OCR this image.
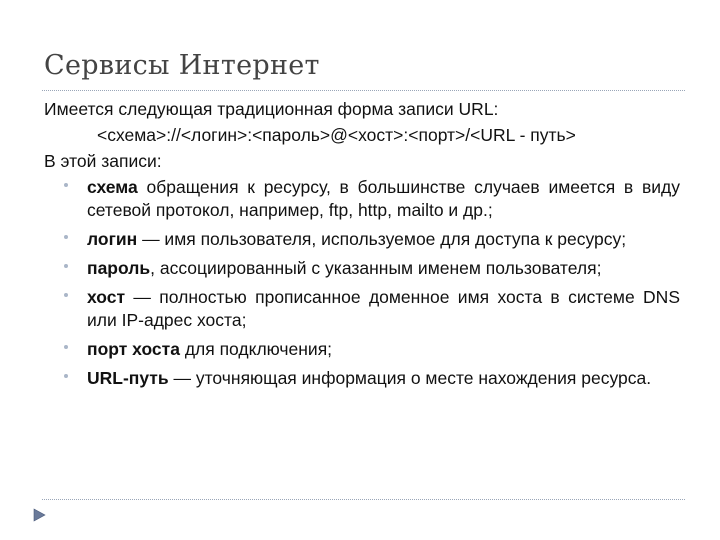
Сервисы Интернет
Имеется следующая традиционная форма записи URL:
<схема>://<логин>:<пароль>@<хост>:<порт>/<URL - путь>
В этой записи:
схема обращения к ресурсу, в большинстве случаев имеется в виду сетевой протокол, например, ftp, http, mailto и др.;
логин — имя пользователя, используемое для доступа к ресурсу;
пароль, ассоциированный с указанным именем пользователя;
хост — полностью прописанное доменное имя хоста в системе DNS или IP-адрес хоста;
порт хоста для подключения;
URL-путь — уточняющая информация о месте нахождения ресурса.
